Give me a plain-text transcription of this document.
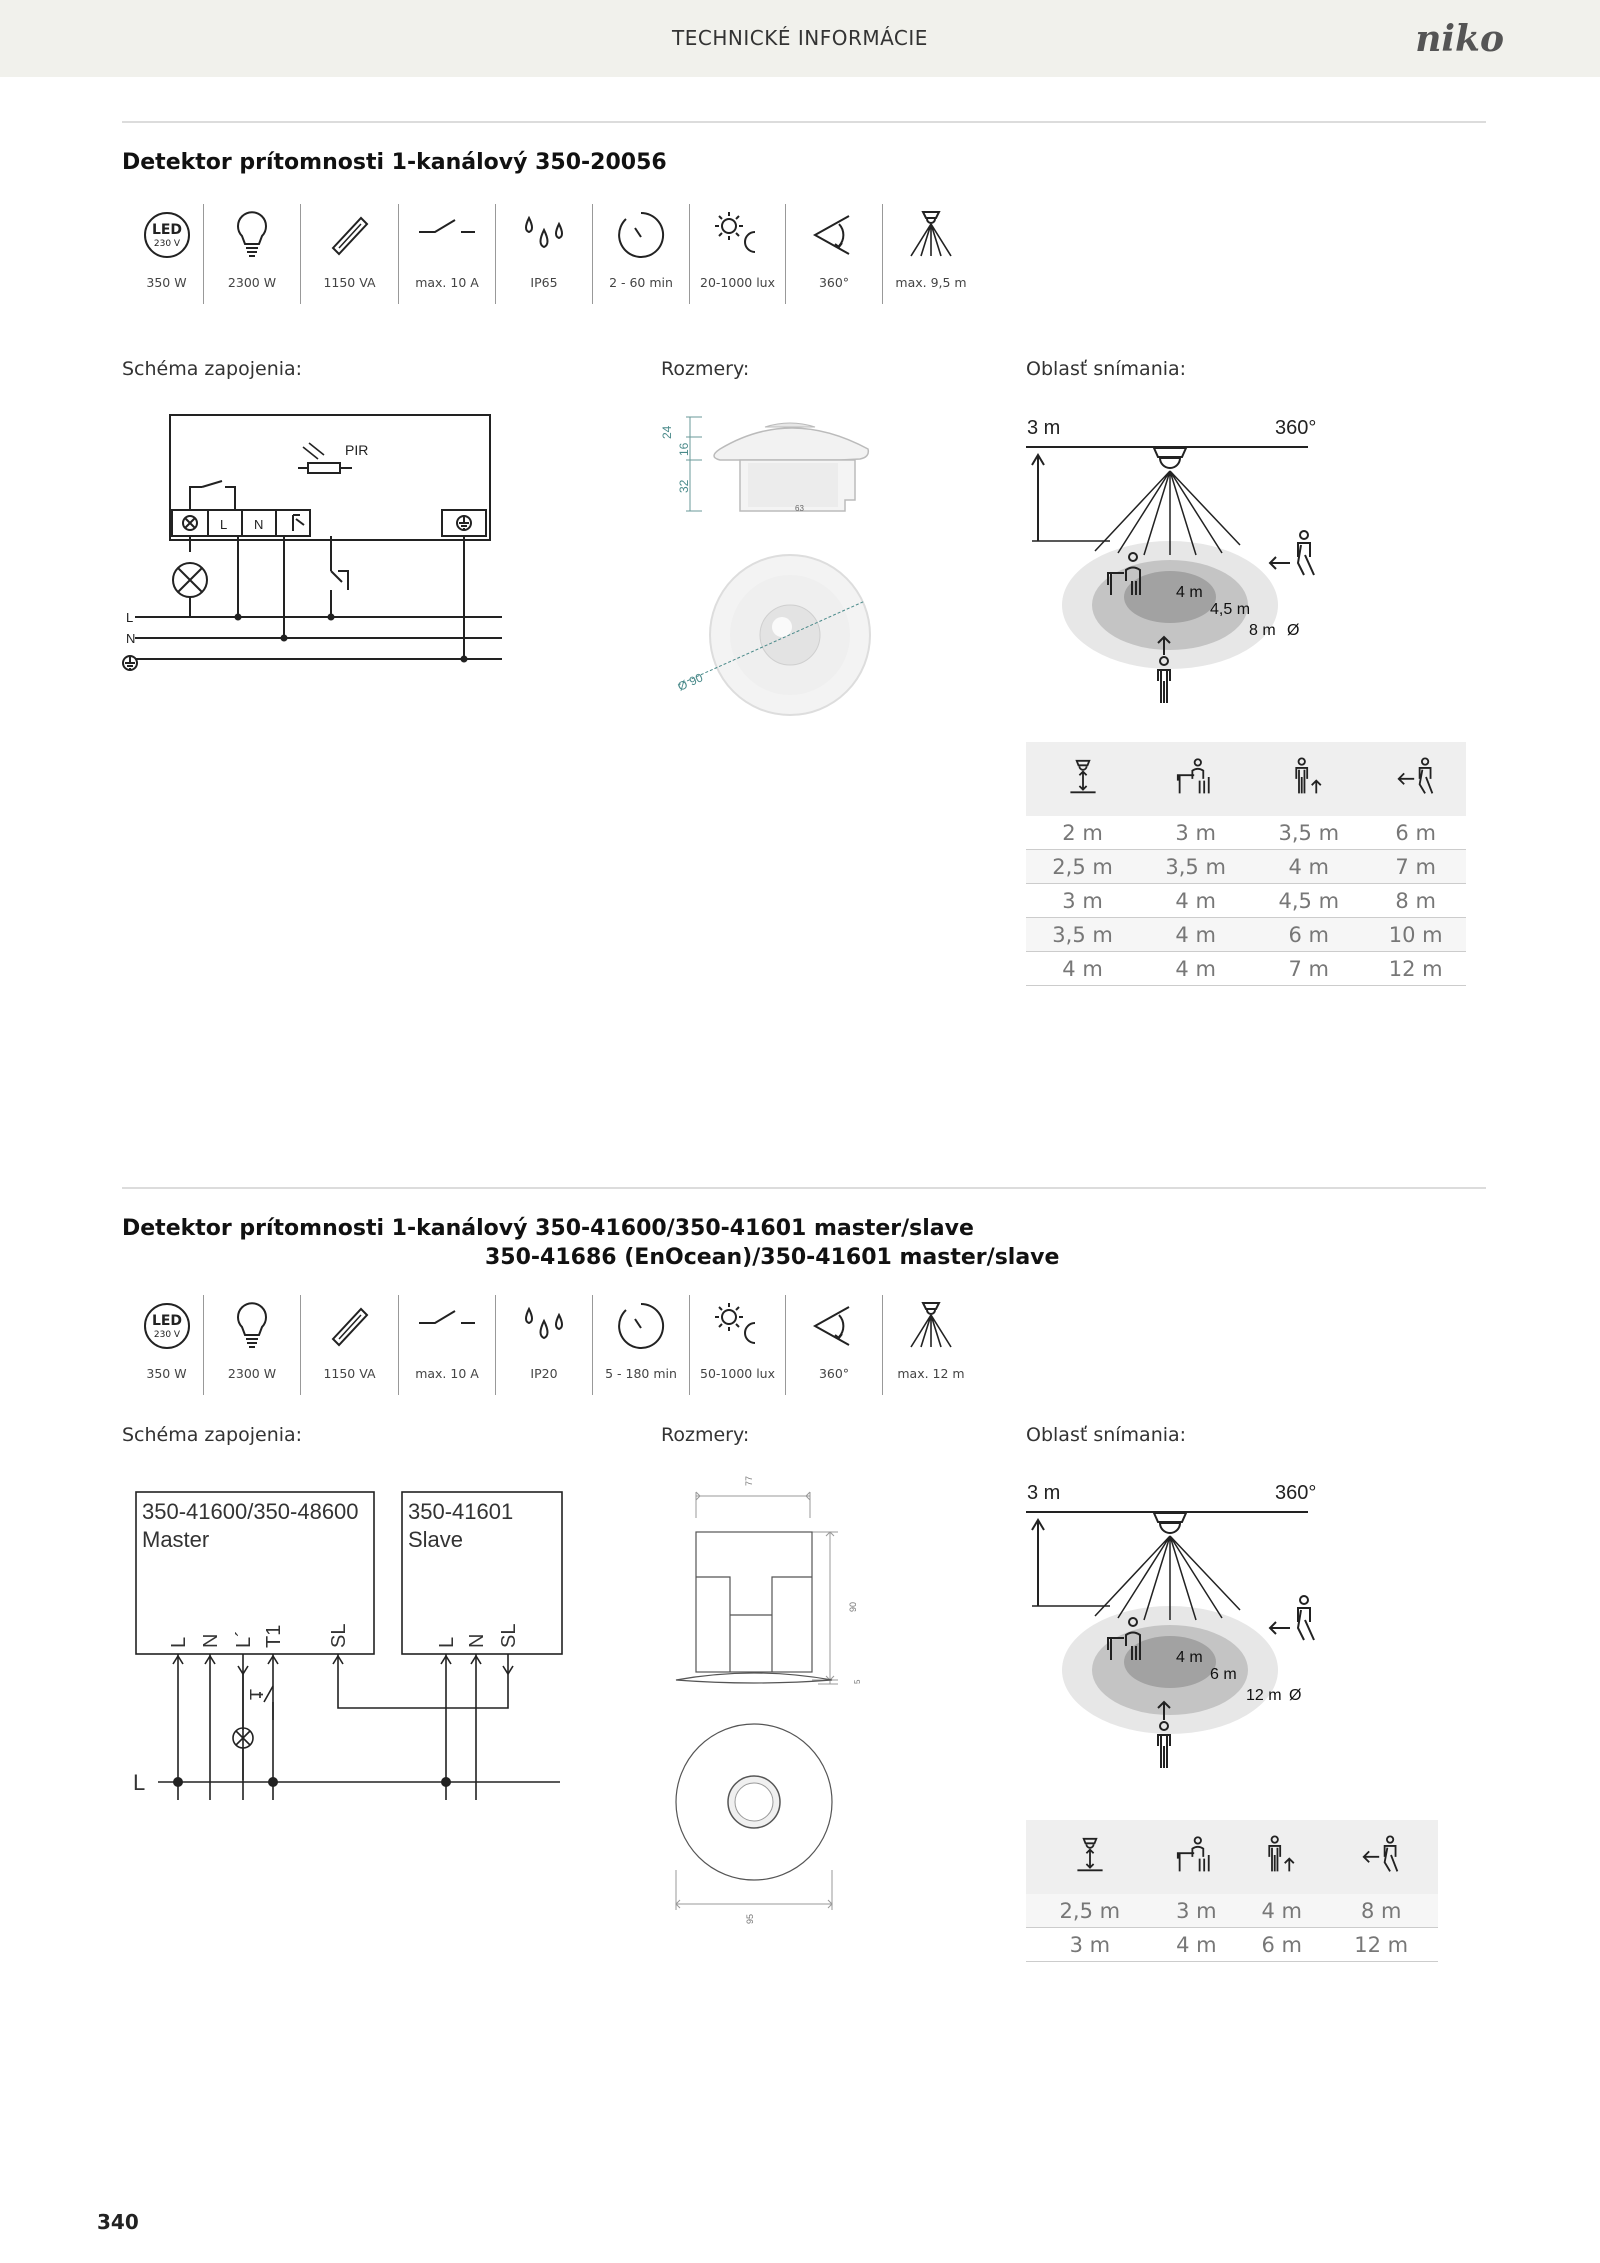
TECHNICKÉ INFORMÁCIE	niko
Detektor prítomnosti 1-kanálový 350-20056
LED
230 V
350 W	2300 W	1150 VA	max. 10 A	IP65	2 - 60 min	20-1000 lux	360°	max. 9,5 m
Schéma zapojenia:	Rozmery:	Oblasť snímania:
PIR
L N
L
N
24
16
32
63
Ø 90
4 m
4,5 m
8 m Ø
3 m	360°

2 m	3 m	3,5 m	6 m
2,5 m	3,5 m	4 m	7 m
3 m	4 m	4,5 m	8 m
3,5 m	4 m	6 m	10 m
4 m	4 m	7 m	12 m
Detektor prítomnosti 1-kanálový 350-41600/350-41601 master/slave
350-41686 (EnOcean)/350-41601 master/slave
LED
230 V
350 W	2300 W	1150 VA	max. 10 A	IP20	5 - 180 min	50-1000 lux	360°	max. 12 m
Schéma zapojenia:	Rozmery:	Oblasť snímania:
350-41600/350-48600
Master
350-41601
Slave
L N L´ T1 SL	L N SL
T
L
77
90
5
95
4 m
6 m
12 m Ø
3 m	360°

2,5 m	3 m	4 m	8 m
3 m	4 m	6 m	12 m
340
